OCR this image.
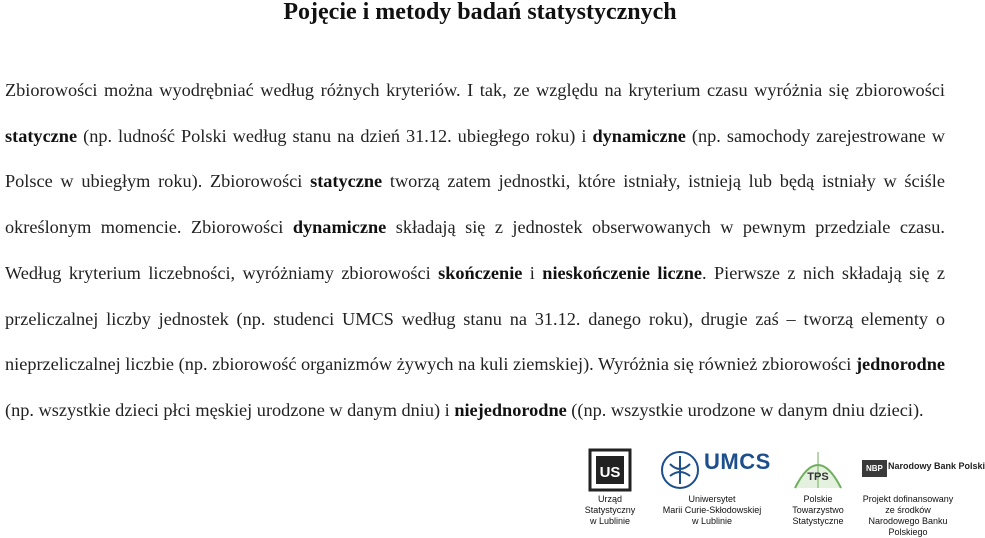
Pojęcie i metody badań statystycznych

Zbiorowości można wyodrębniać według różnych kryteriów. I tak, ze względu na kryterium czasu wyróżnia się zbiorowości statyczne (np. ludność Polski według stanu na dzień 31.12. ubiegłego roku) i dynamiczne (np. samochody zarejestrowane w Polsce w ubiegłym roku). Zbiorowości statyczne tworzą zatem jednostki, które istniały, istnieją lub będą istniały w ściśle określonym momencie. Zbiorowości dynamiczne składają się z jednostek obserwowanych w pewnym przedziale czasu. Według kryterium liczebności, wyróżniamy zbiorowości skończenie i nieskończenie liczne. Pierwsze z nich składają się z przeliczalnej liczby jednostek (np. studenci UMCS według stanu na 31.12. danego roku), drugie zaś – tworzą elementy o nieprzeliczalnej liczbie (np. zbiorowość organizmów żywych na kuli ziemskiej). Wyróżnia się również zbiorowości jednorodne (np. wszystkie dzieci płci męskiej urodzone w danym dniu) i niejednorodne ((np. wszystkie urodzone w danym dniu dzieci).

US
Urząd
Statystyczny
w Lublinie
UMCS
Uniwersytet
Marii Curie-Skłodowskiej
w Lublinie
TPS
Polskie
Towarzystwo
Statystyczne
NBP Narodowy Bank Polski
Projekt dofinansowany
ze środków
Narodowego Banku Polskiego
